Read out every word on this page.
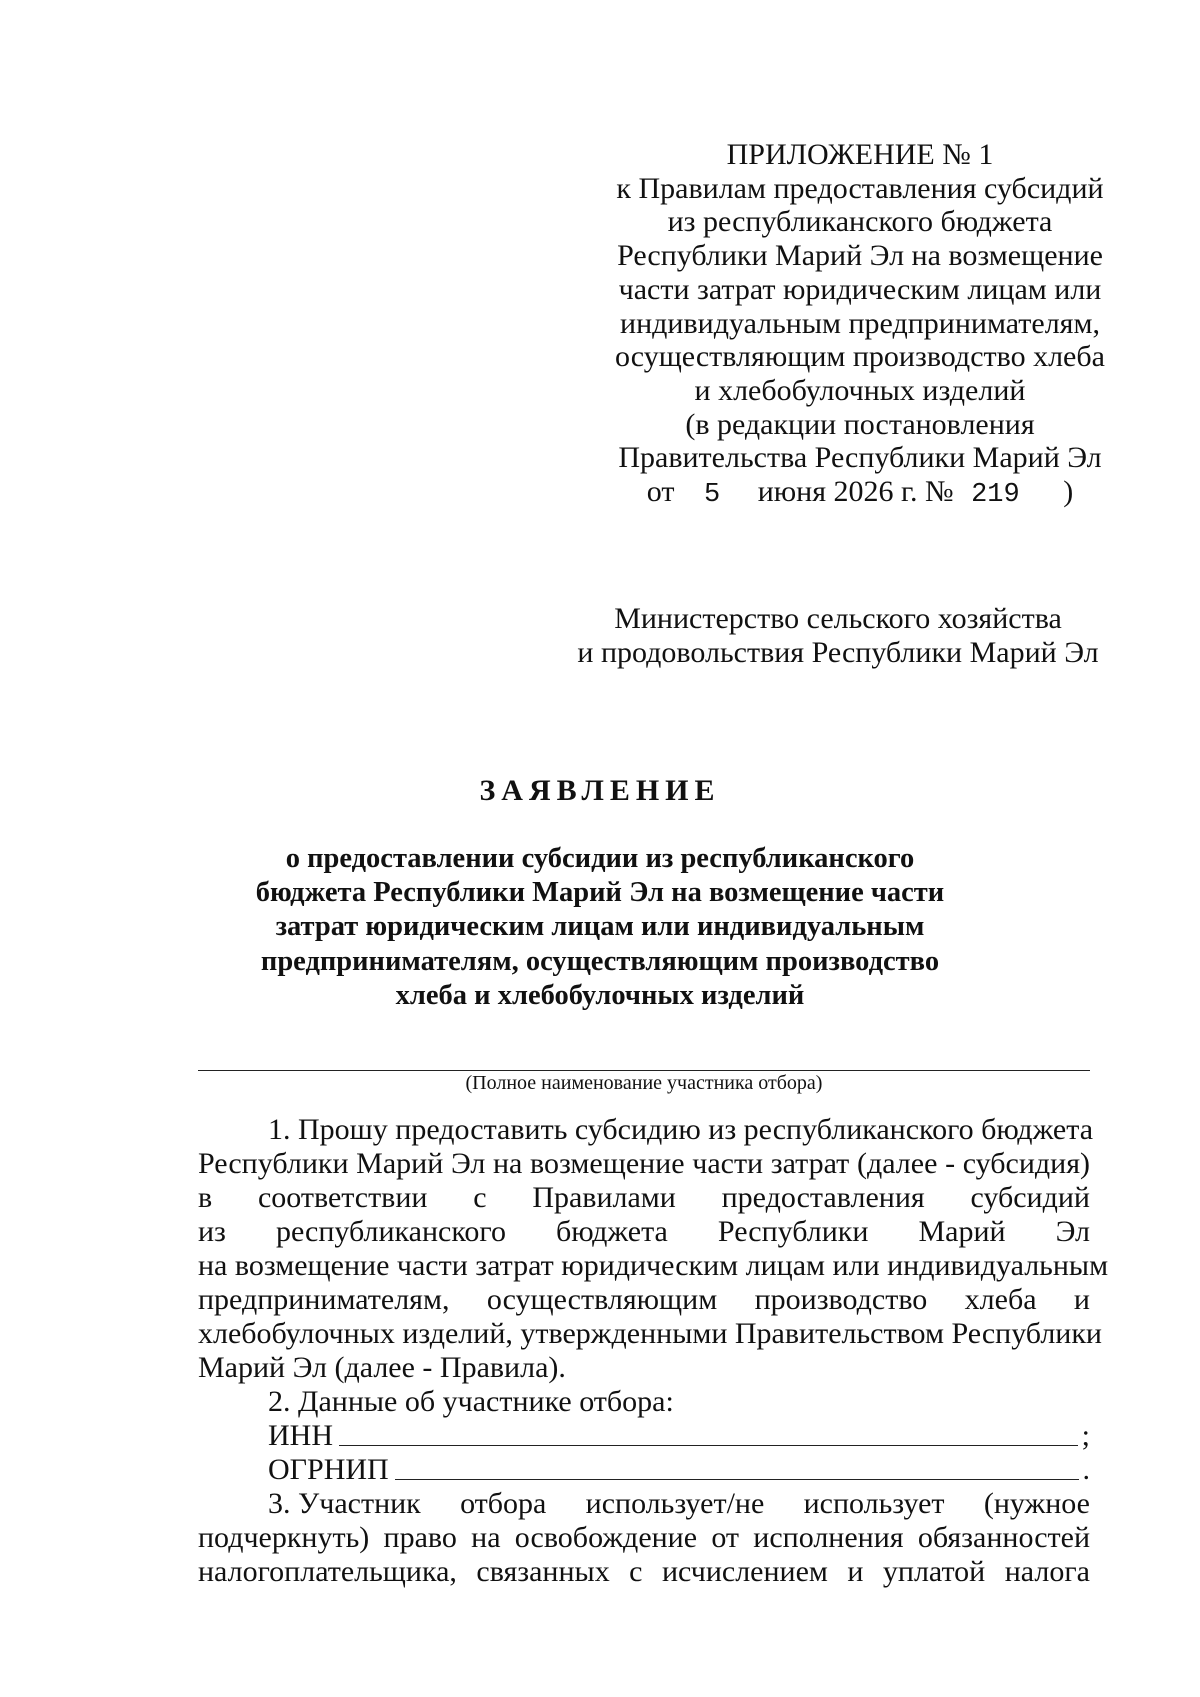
ПРИЛОЖЕНИЕ № 1
к Правилам предоставления субсидий
из республиканского бюджета
Республики Марий Эл на возмещение
части затрат юридическим лицам или
индивидуальным предпринимателям,
осуществляющим производство хлеба
и хлебобулочных изделий
(в редакции постановления
Правительства Республики Марий Эл
от 5 июня 2026 г. № 219 )
Министерство сельского хозяйства
и продовольствия Республики Марий Эл
ЗАЯВЛЕНИЕ
о предоставлении субсидии из республиканского
бюджета Республики Марий Эл на возмещение части
затрат юридическим лицам или индивидуальным
предпринимателям, осуществляющим производство
хлеба и хлебобулочных изделий
(Полное наименование участника отбора)
1. Прошу предоставить субсидию из республиканского бюджета
Республики Марий Эл на возмещение части затрат (далее - субсидия)
в соответствии с Правилами предоставления субсидий
из республиканского бюджета Республики Марий Эл
на возмещение части затрат юридическим лицам или индивидуальным
предпринимателям, осуществляющим производство хлеба и
хлебобулочных изделий, утвержденными Правительством Республики
Марий Эл (далее - Правила).
2. Данные об участнике отбора:
ИНН	;
ОГРНИП	.
3. Участник отбора использует/не использует (нужное
подчеркнуть) право на освобождение от исполнения обязанностей
налогоплательщика, связанных с исчислением и уплатой налога
